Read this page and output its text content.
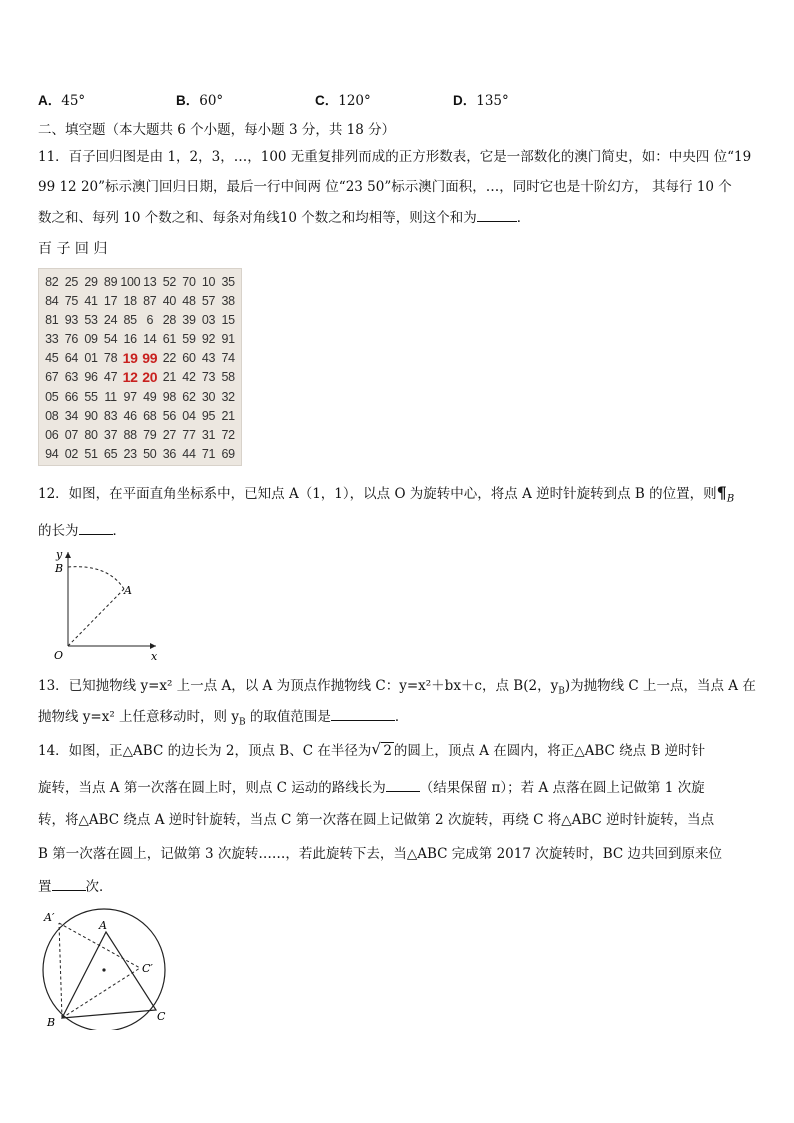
A．45°	B．60°	C．120°	D．135°
二、填空题（本大题共 6 个小题，每小题 3 分，共 18 分）
11．百子回归图是由 1，2，3，…，100 无重复排列而成的正方形数表，它是一部数化的澳门简史，如：中央四 位“19
99 12 20”标示澳门回归日期，最后一行中间两 位“23 50”标示澳门面积，…，同时它也是十阶幻方， 其每行 10 个
数之和、每列 10 个数之和、每条对角线10 个数之和均相等，则这个和为	．
百 子 回 归
82 25 29 89 100 13 52 70 10 35
84 75 41 17 18 87 40 48 57 38
81 93 53 24 85 6 28 39 03 15
33 76 09 54 16 14 61 59 92 91
45 64 01 78 19 99 22 60 43 74
67 63 96 47 12 20 21 42 73 58
05 66 55 11 97 49 98 62 30 32
08 34 90 83 46 68 56 04 95 21
06 07 80 37 88 79 27 77 31 72
94 02 51 65 23 50 36 44 71 69
12．如图，在平面直角坐标系中，已知点 A（1，1），以点 O 为旋转中心，将点 A 逆时针旋转到点 B 的位置，则$\P_B$
的长为	．
y
x
O
A
B
13．已知抛物线 y=x² 上一点 A，以 A 为顶点作抛物线 C：y=x²＋bx＋c，点 B(2，$y_B$)为抛物线 C 上一点，当点 A 在
抛物线 y=x² 上任意移动时，则 $y_B$ 的取值范围是	．
14．如图，正△ABC 的边长为 2，顶点 B、C 在半径为 √ 2 的圆上，顶点 A 在圆内，将正△ABC 绕点 B 逆时针
旋转，当点 A 第一次落在圆上时，则点 C 运动的路线长为	（结果保留 π）；若 A 点落在圆上记做第 1 次旋
转，将△ABC 绕点 A 逆时针旋转，当点 C 第一次落在圆上记做第 2 次旋转，再绕 C 将△ABC 逆时针旋转，当点
B 第一次落在圆上，记做第 3 次旋转……，若此旋转下去，当△ABC 完成第 2017 次旋转时，BC 边共回到原来位
置	次．
A′
A
C′
B	C
